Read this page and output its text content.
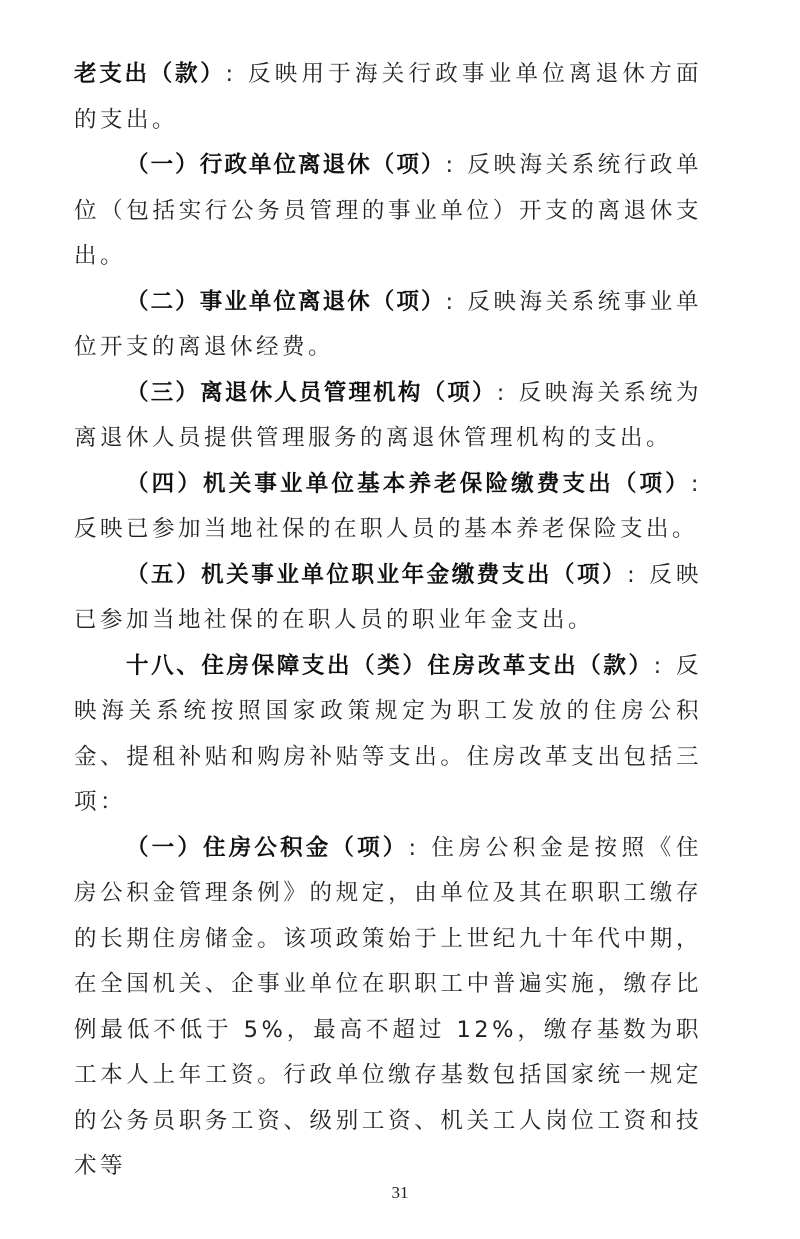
老支出（款）: 反映用于海关行政事业单位离退休方面的支出。

（一）行政单位离退休（项）: 反映海关系统行政单位（包括实行公务员管理的事业单位）开支的离退休支出。

（二）事业单位离退休（项）: 反映海关系统事业单位开支的离退休经费。

（三）离退休人员管理机构（项）: 反映海关系统为离退休人员提供管理服务的离退休管理机构的支出。

（四）机关事业单位基本养老保险缴费支出（项）: 反映已参加当地社保的在职人员的基本养老保险支出。

（五）机关事业单位职业年金缴费支出（项）: 反映已参加当地社保的在职人员的职业年金支出。

十八、住房保障支出（类）住房改革支出（款）: 反映海关系统按照国家政策规定为职工发放的住房公积金、提租补贴和购房补贴等支出。住房改革支出包括三项：

（一）住房公积金（项）: 住房公积金是按照《住房公积金管理条例》的规定，由单位及其在职职工缴存的长期住房储金。该项政策始于上世纪九十年代中期，在全国机关、企事业单位在职职工中普遍实施，缴存比例最低不低于 5%，最高不超过 12%，缴存基数为职工本人上年工资。行政单位缴存基数包括国家统一规定的公务员职务工资、级别工资、机关工人岗位工资和技术等

31
